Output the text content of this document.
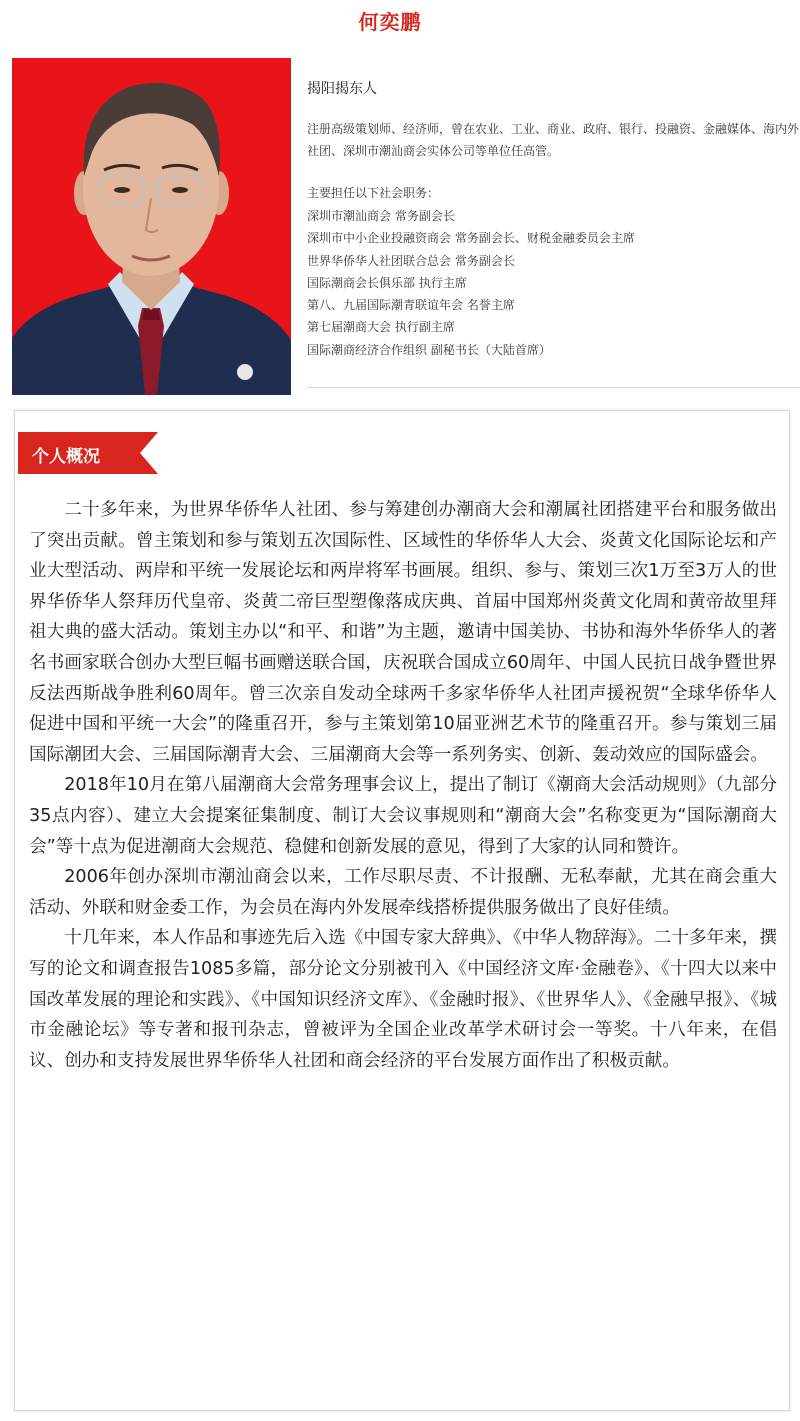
何奕鹏
揭阳揭东人
注册高级策划师、经济师，曾在农业、工业、商业、政府、银行、投融资、金融媒体、海内外社团、深圳市潮汕商会实体公司等单位任高管。
主要担任以下社会职务：
深圳市潮汕商会 常务副会长
深圳市中小企业投融资商会 常务副会长、财税金融委员会主席
世界华侨华人社团联合总会 常务副会长
国际潮商会长俱乐部 执行主席
第八、九届国际潮青联谊年会 名誉主席
第七届潮商大会 执行副主席
国际潮商经济合作组织 副秘书长（大陆首席）
个人概况

二十多年来，为世界华侨华人社团、参与筹建创办潮商大会和潮属社团搭建平台和服务做出了突出贡献。曾主策划和参与策划五次国际性、区域性的华侨华人大会、炎黄文化国际论坛和产业大型活动、两岸和平统一发展论坛和两岸将军书画展。组织、参与、策划三次1万至3万人的世界华侨华人祭拜历代皇帝、炎黄二帝巨型塑像落成庆典、首届中国郑州炎黄文化周和黄帝故里拜祖大典的盛大活动。策划主办以“和平、和谐”为主题，邀请中国美协、书协和海外华侨华人的著名书画家联合创办大型巨幅书画赠送联合国，庆祝联合国成立60周年、中国人民抗日战争暨世界反法西斯战争胜利60周年。曾三次亲自发动全球两千多家华侨华人社团声援祝贺“全球华侨华人促进中国和平统一大会”的隆重召开，参与主策划第10届亚洲艺术节的隆重召开。参与策划三届国际潮团大会、三届国际潮青大会、三届潮商大会等一系列务实、创新、轰动效应的国际盛会。

2018年10月在第八届潮商大会常务理事会议上，提出了制订《潮商大会活动规则》（九部分35点内容）、建立大会提案征集制度、制订大会议事规则和“潮商大会”名称变更为“国际潮商大会”等十点为促进潮商大会规范、稳健和创新发展的意见，得到了大家的认同和赞许。

2006年创办深圳市潮汕商会以来，工作尽职尽责、不计报酬、无私奉献，尤其在商会重大活动、外联和财金委工作，为会员在海内外发展牵线搭桥提供服务做出了良好佳绩。

十几年来，本人作品和事迹先后入选《中国专家大辞典》、《中华人物辞海》。二十多年来，撰写的论文和调查报告1085多篇，部分论文分别被刊入《中国经济文库·金融卷》、《十四大以来中国改革发展的理论和实践》、《中国知识经济文库》、《金融时报》、《世界华人》、《金融早报》、《城市金融论坛》等专著和报刊杂志，曾被评为全国企业改革学术研讨会一等奖。十八年来，在倡议、创办和支持发展世界华侨华人社团和商会经济的平台发展方面作出了积极贡献。
